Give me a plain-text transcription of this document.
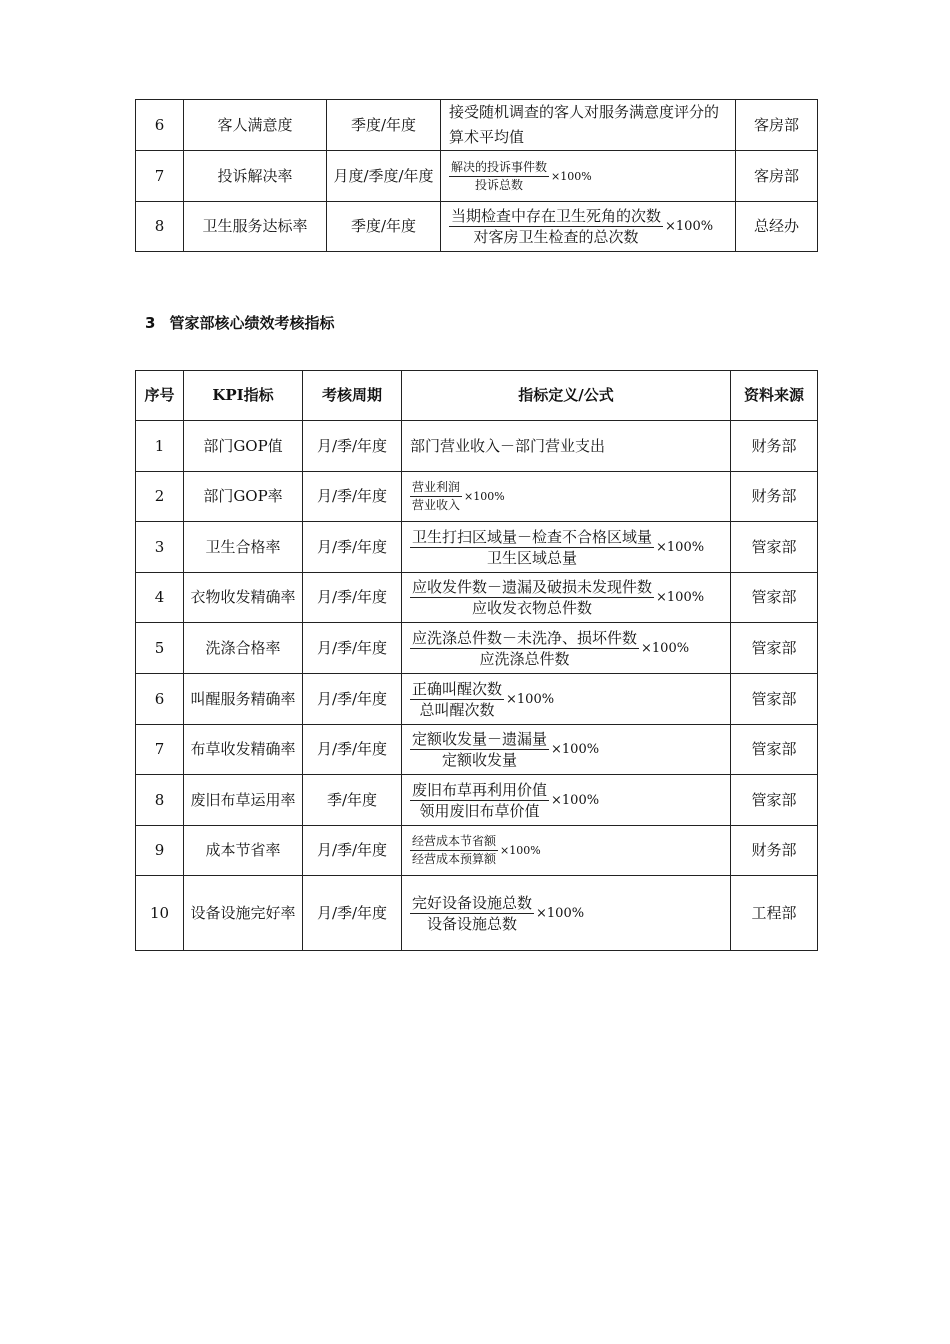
6	客人满意度	季度/年度	接受随机调查的客人对服务满意度评分的算术平均值	客房部
7	投诉解决率	月度/季度/年度	$\frac{\text{解决的投诉事件数}}{\text{投诉总数}} \times 100\%$	客房部
8	卫生服务达标率	季度/年度	$\frac{\text{当期检查中存在卫生死角的次数}}{\text{对客房卫生检查的总次数}} \times 100\%$	总经办
3 管家部核心绩效考核指标
序号	KPI指标	考核周期	指标定义/公式	资料来源
1	部门GOP值	月/季/年度	部门营业收入－部门营业支出	财务部
2	部门GOP率	月/季/年度	$\frac{\text{营业利润}}{\text{营业收入}} \times 100\%$	财务部
3	卫生合格率	月/季/年度	$\frac{\text{卫生打扫区域量－检查不合格区域量}}{\text{卫生区域总量}} \times 100\%$	管家部
4	衣物收发精确率	月/季/年度	$\frac{\text{应收发件数－遗漏及破损未发现件数}}{\text{应收发衣物总件数}} \times 100\%$	管家部
5	洗涤合格率	月/季/年度	$\frac{\text{应洗涤总件数－未洗净、损坏件数}}{\text{应洗涤总件数}} \times 100\%$	管家部
6	叫醒服务精确率	月/季/年度	$\frac{\text{正确叫醒次数}}{\text{总叫醒次数}} \times 100\%$	管家部
7	布草收发精确率	月/季/年度	$\frac{\text{定额收发量－遗漏量}}{\text{定额收发量}} \times 100\%$	管家部
8	废旧布草运用率	季/年度	$\frac{\text{废旧布草再利用价值}}{\text{领用废旧布草价值}} \times 100\%$	管家部
9	成本节省率	月/季/年度	$\frac{\text{经营成本节省额}}{\text{经营成本预算额}} \times 100\%$	财务部
10	设备设施完好率	月/季/年度	$\frac{\text{完好设备设施总数}}{\text{设备设施总数}} \times 100\%$	工程部
